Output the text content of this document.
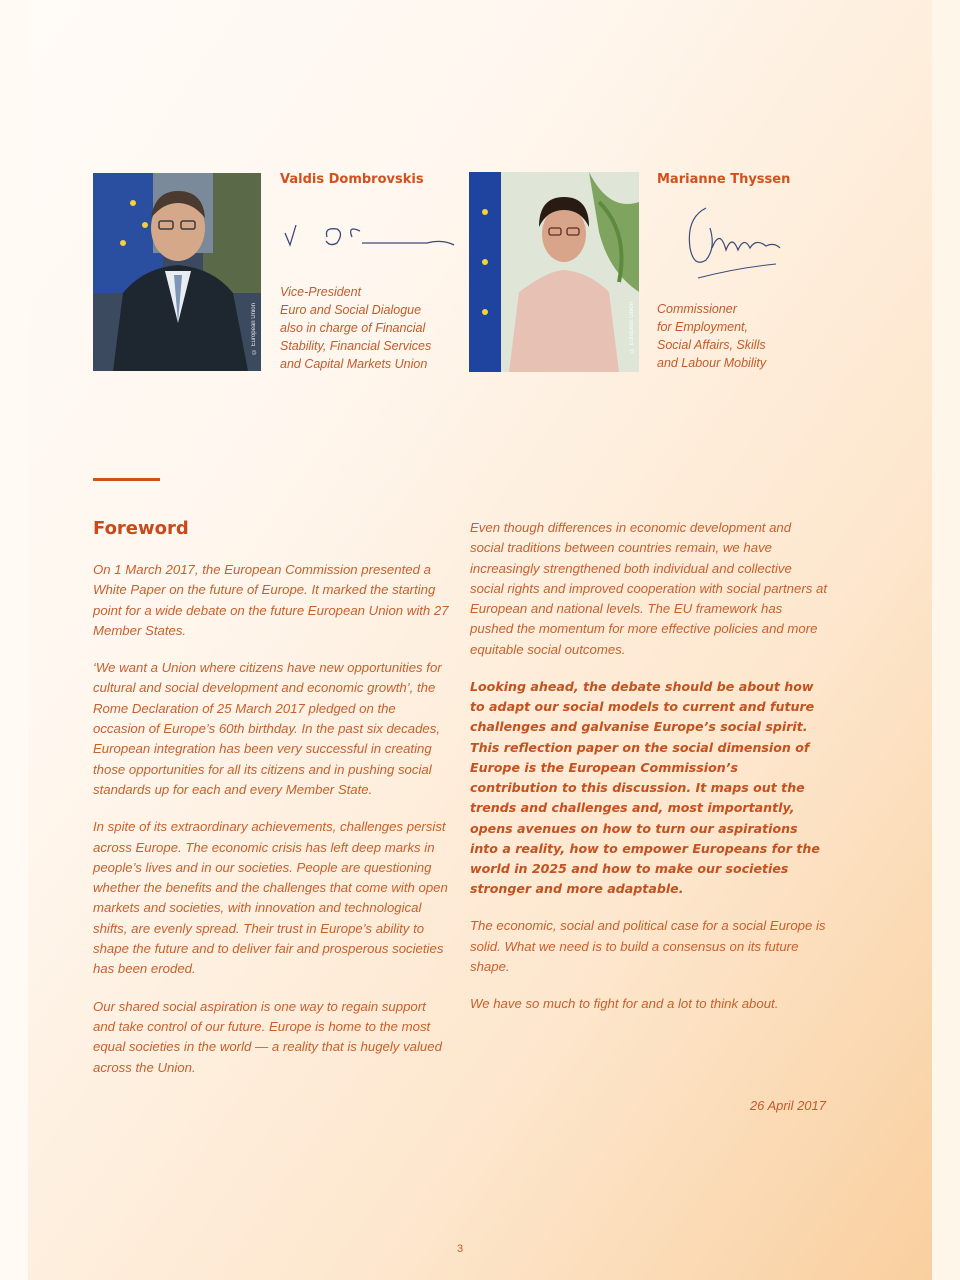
© European Union
Valdis Dombrovskis
Vice-President
Euro and Social Dialogue
also in charge of Financial
Stability, Financial Services
and Capital Markets Union
© European Union
Marianne Thyssen
Commissioner
for Employment,
Social Affairs, Skills
and Labour Mobility
Foreword

On 1 March 2017, the European Commission presented a White Paper on the future of Europe. It marked the starting point for a wide debate on the future European Union with 27 Member States.

‘We want a Union where citizens have new opportunities for cultural and social development and economic growth’, the Rome Declaration of 25 March 2017 pledged on the occasion of Europe’s 60th birthday. In the past six decades, European integration has been very successful in creating those opportunities for all its citizens and in pushing social standards up for each and every Member State.

In spite of its extraordinary achievements, challenges persist across Europe. The economic crisis has left deep marks in people’s lives and in our societies. People are questioning whether the benefits and the challenges that come with open markets and societies, with innovation and technological shifts, are evenly spread. Their trust in Europe’s ability to shape the future and to deliver fair and prosperous societies has been eroded.

Our shared social aspiration is one way to regain support and take control of our future. Europe is home to the most equal societies in the world — a reality that is hugely valued across the Union.

Even though differences in economic development and social traditions between countries remain, we have increasingly strengthened both individual and collective social rights and improved cooperation with social partners at European and national levels. The EU framework has pushed the momentum for more effective policies and more equitable social outcomes.

Looking ahead, the debate should be about how to adapt our social models to current and future challenges and galvanise Europe’s social spirit. This reflection paper on the social dimension of Europe is the European Commission’s contribution to this discussion. It maps out the trends and challenges and, most importantly, opens avenues on how to turn our aspirations into a reality, how to empower Europeans for the world in 2025 and how to make our societies stronger and more adaptable.

The economic, social and political case for a social Europe is solid. What we need is to build a consensus on its future shape.

We have so much to fight for and a lot to think about.

26 April 2017
3
